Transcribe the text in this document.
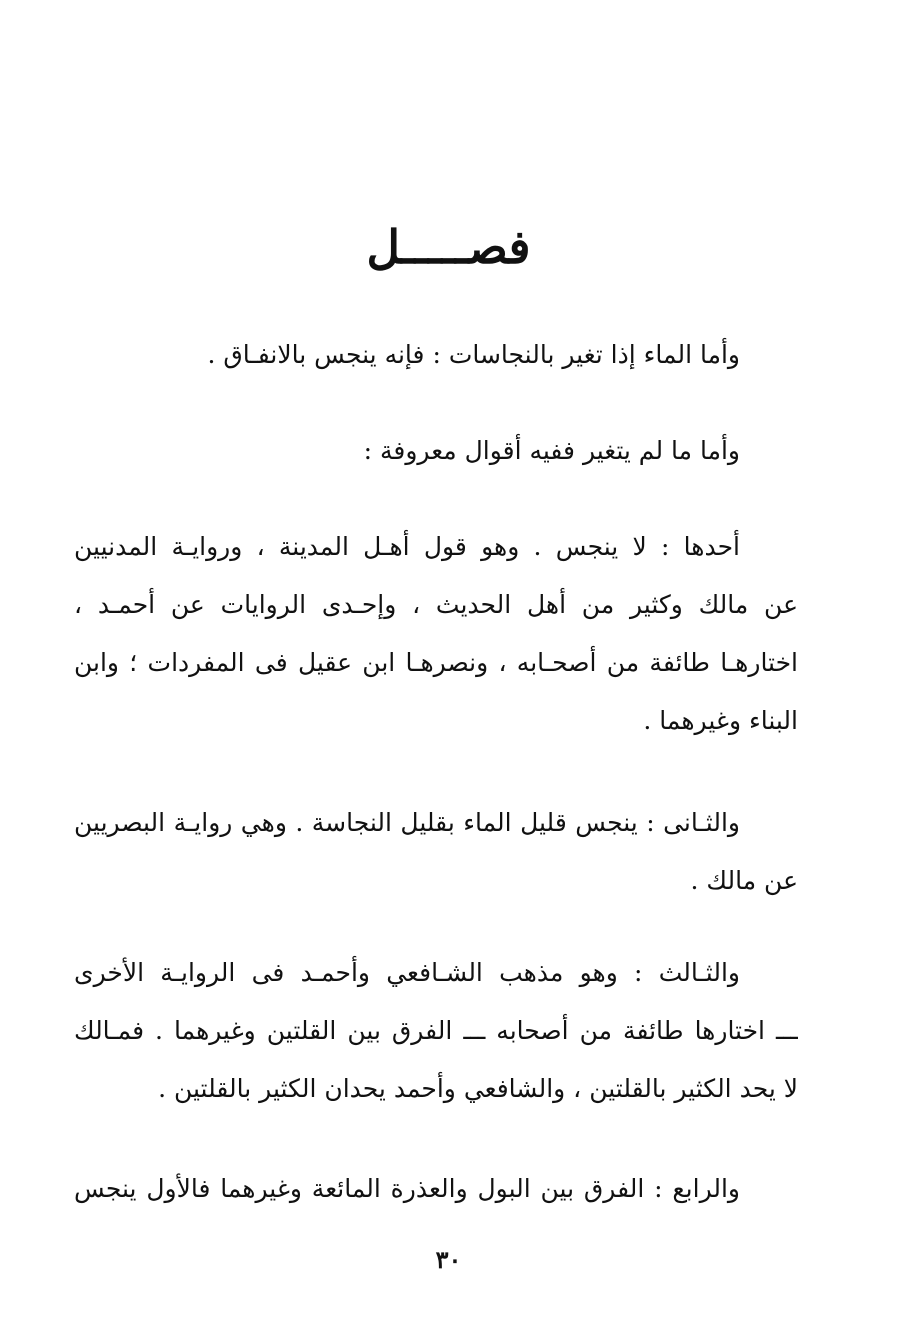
فصـــــل
وأما الماء إذا تغير بالنجاسات : فإنه ينجس بالانفـاق .
وأما ما لم يتغير ففيه أقوال معروفة :
أحدها : لا ينجس . وهو قول أهـل المدينة ، وروايـة المدنيين
عن مالك وكثير من أهل الحديث ، وإحـدى الروايات عن أحمـد ،
اختارهـا طائفة من أصحـابه ، ونصرهـا ابن عقيل فى المفردات ؛ وابن
البناء وغيرهما .
والثـانى : ينجس قليل الماء بقليل النجاسة . وهي روايـة البصريين
عن مالك .
والثـالث : وهو مذهب الشـافعي وأحمـد فى الروايـة الأخرى
ـــ اختارها طائفة من أصحابه ـــ الفرق بين القلتين وغيرهما . فمـالك
لا يحد الكثير بالقلتين ، والشافعي وأحمد يحدان الكثير بالقلتين .
والرابع : الفرق بين البول والعذرة المائعة وغيرهما فالأول ينجس
٣٠
